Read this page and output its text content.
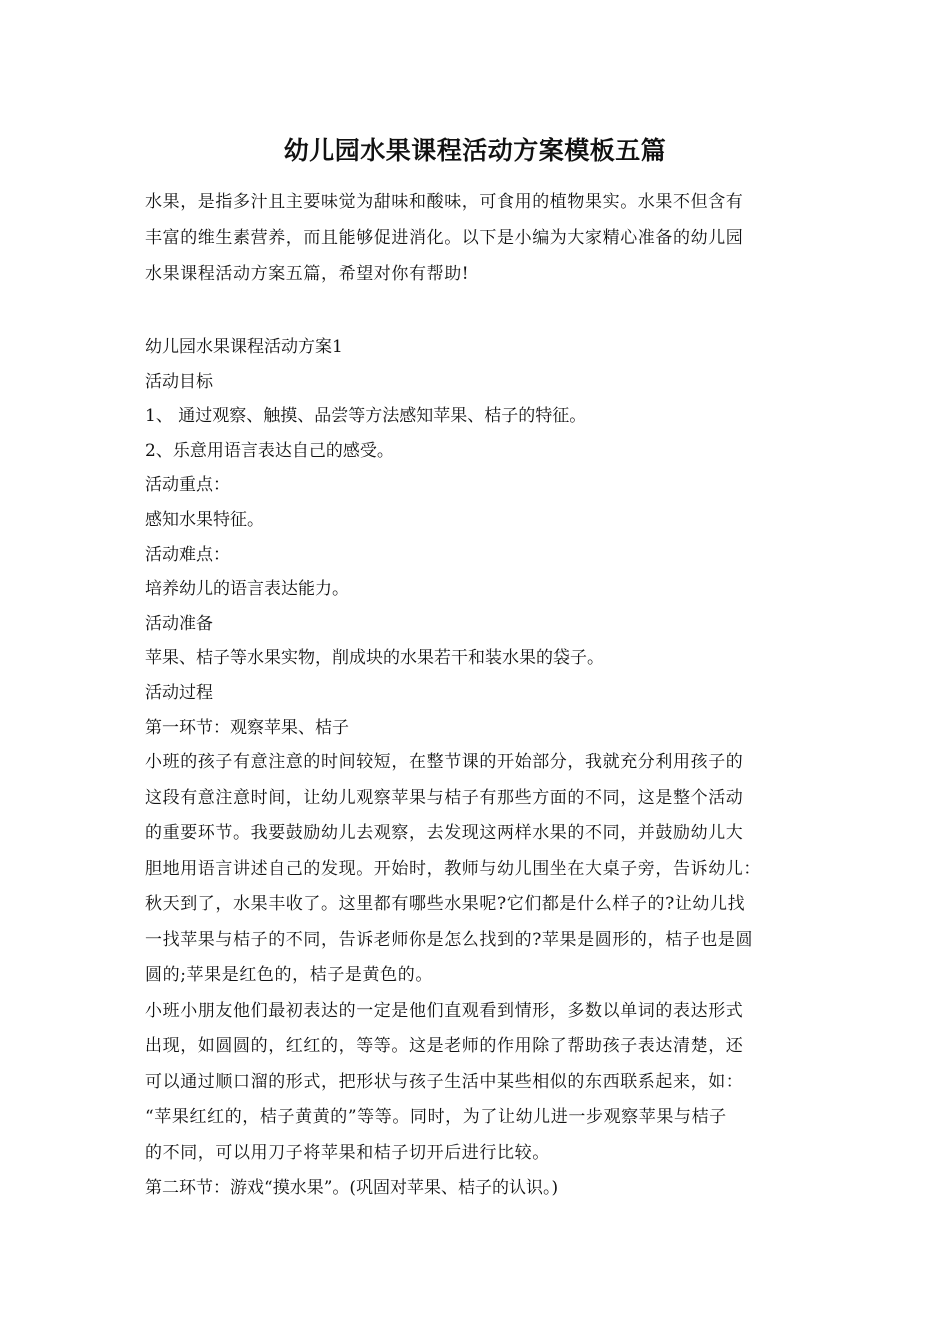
幼儿园水果课程活动方案模板五篇

水果，是指多汁且主要味觉为甜味和酸味，可食用的植物果实。水果不但含有

丰富的维生素营养，而且能够促进消化。以下是小编为大家精心准备的幼儿园

水果课程活动方案五篇，希望对你有帮助!

幼儿园水果课程活动方案1

活动目标

1、 通过观察、触摸、品尝等方法感知苹果、桔子的特征。

2、乐意用语言表达自己的感受。

活动重点：

感知水果特征。

活动难点：

培养幼儿的语言表达能力。

活动准备

苹果、桔子等水果实物，削成块的水果若干和装水果的袋子。

活动过程

第一环节：观察苹果、桔子

小班的孩子有意注意的时间较短，在整节课的开始部分，我就充分利用孩子的
这段有意注意时间，让幼儿观察苹果与桔子有那些方面的不同，这是整个活动
的重要环节。我要鼓励幼儿去观察，去发现这两样水果的不同，并鼓励幼儿大
胆地用语言讲述自己的发现。开始时，教师与幼儿围坐在大桌子旁，告诉幼儿：
秋天到了，水果丰收了。这里都有哪些水果呢?它们都是什么样子的?让幼儿找
一找苹果与桔子的不同，告诉老师你是怎么找到的?苹果是圆形的，桔子也是圆
圆的;苹果是红色的，桔子是黄色的。
小班小朋友他们最初表达的一定是他们直观看到情形，多数以单词的表达形式
出现，如圆圆的，红红的，等等。这是老师的作用除了帮助孩子表达清楚，还
可以通过顺口溜的形式，把形状与孩子生活中某些相似的东西联系起来，如：
“苹果红红的，桔子黄黄的”等等。同时，为了让幼儿进一步观察苹果与桔子
的不同，可以用刀子将苹果和桔子切开后进行比较。

第二环节：游戏“摸水果”。(巩固对苹果、桔子的认识。)
